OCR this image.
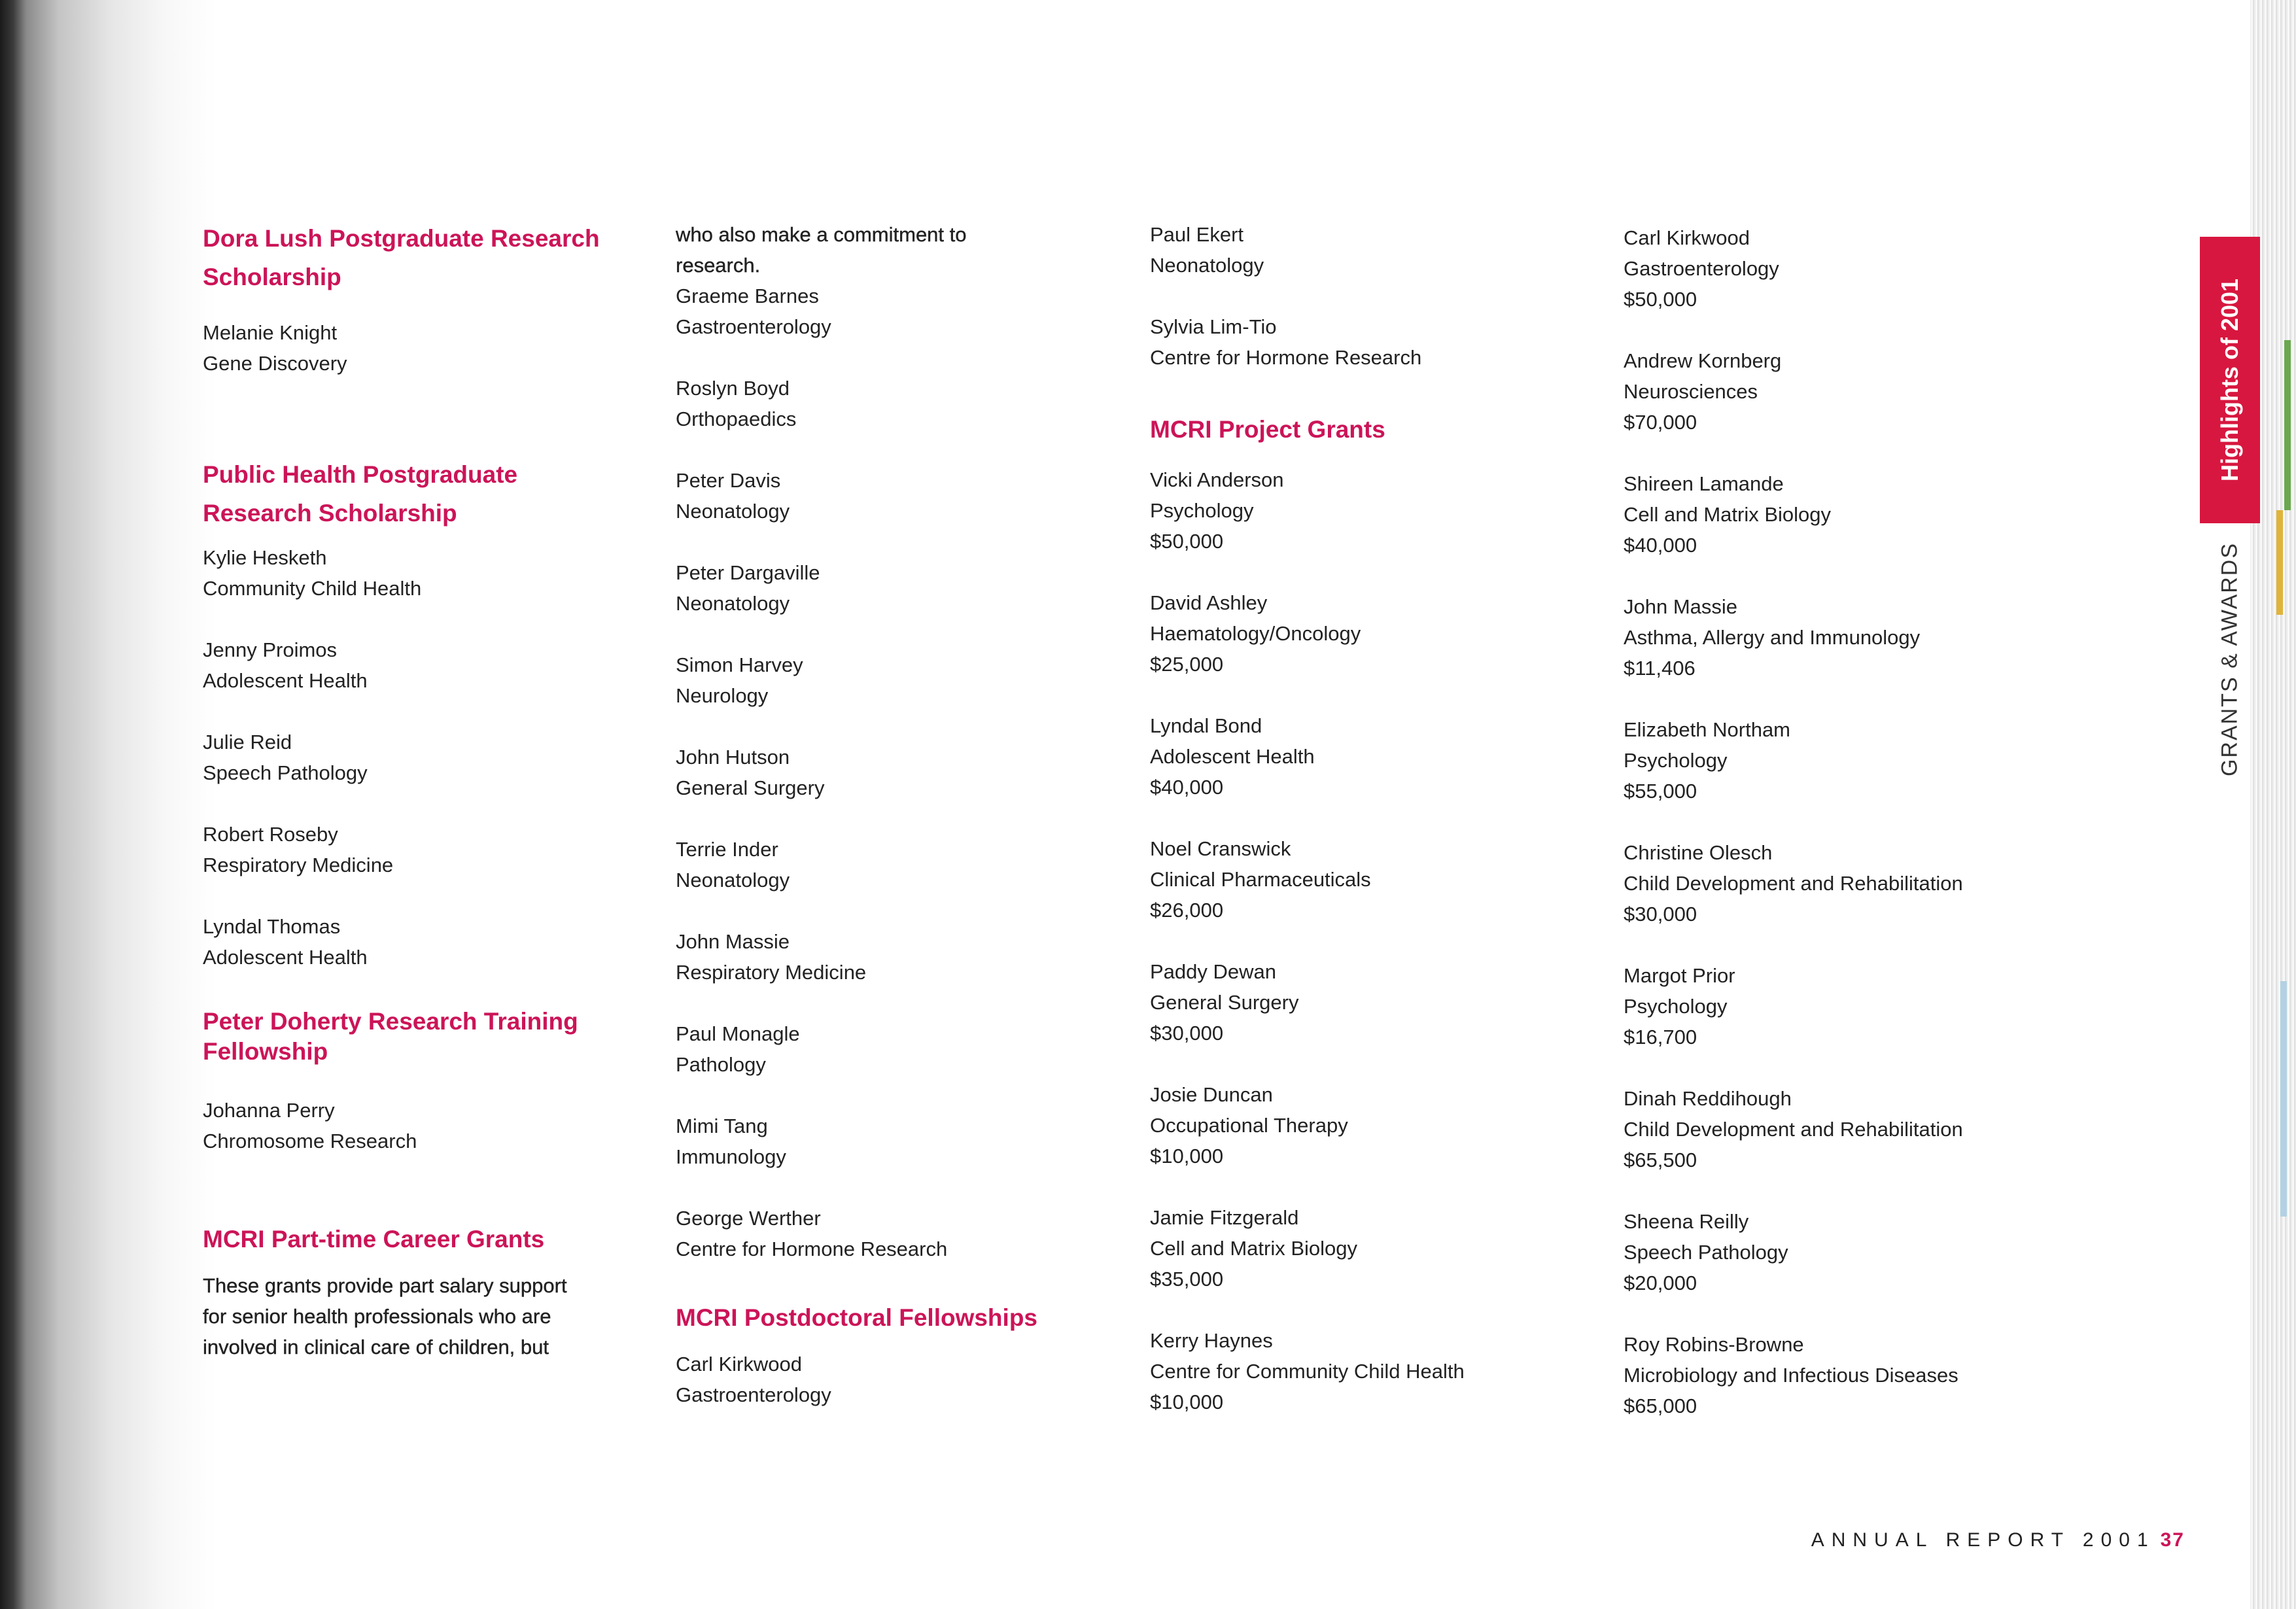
Dora Lush Postgraduate Research
Scholarship
Melanie Knight
Gene Discovery
Public Health Postgraduate
Research Scholarship
Kylie Hesketh
Community Child Health
Jenny Proimos
Adolescent Health
Julie Reid
Speech Pathology
Robert Roseby
Respiratory Medicine
Lyndal Thomas
Adolescent Health
Peter Doherty Research Training
Fellowship
Johanna Perry
Chromosome Research
MCRI Part-time Career Grants
These grants provide part salary support
for senior health professionals who are
involved in clinical care of children, but
who also make a commitment to
research.
Graeme Barnes
Gastroenterology
Roslyn Boyd
Orthopaedics
Peter Davis
Neonatology
Peter Dargaville
Neonatology
Simon Harvey
Neurology
John Hutson
General Surgery
Terrie Inder
Neonatology
John Massie
Respiratory Medicine
Paul Monagle
Pathology
Mimi Tang
Immunology
George Werther
Centre for Hormone Research
MCRI Postdoctoral Fellowships
Carl Kirkwood
Gastroenterology
Paul Ekert
Neonatology
Sylvia Lim-Tio
Centre for Hormone Research
MCRI Project Grants
Vicki Anderson
Psychology
$50,000
David Ashley
Haematology/Oncology
$25,000
Lyndal Bond
Adolescent Health
$40,000
Noel Cranswick
Clinical Pharmaceuticals
$26,000
Paddy Dewan
General Surgery
$30,000
Josie Duncan
Occupational Therapy
$10,000
Jamie Fitzgerald
Cell and Matrix Biology
$35,000
Kerry Haynes
Centre for Community Child Health
$10,000
Carl Kirkwood
Gastroenterology
$50,000
Andrew Kornberg
Neurosciences
$70,000
Shireen Lamande
Cell and Matrix Biology
$40,000
John Massie
Asthma, Allergy and Immunology
$11,406
Elizabeth Northam
Psychology
$55,000
Christine Olesch
Child Development and Rehabilitation
$30,000
Margot Prior
Psychology
$16,700
Dinah Reddihough
Child Development and Rehabilitation
$65,500
Sheena Reilly
Speech Pathology
$20,000
Roy Robins-Browne
Microbiology and Infectious Diseases
$65,000
Highlights of 2001
GRANTS & AWARDS
ANNUAL REPORT 2001 37
